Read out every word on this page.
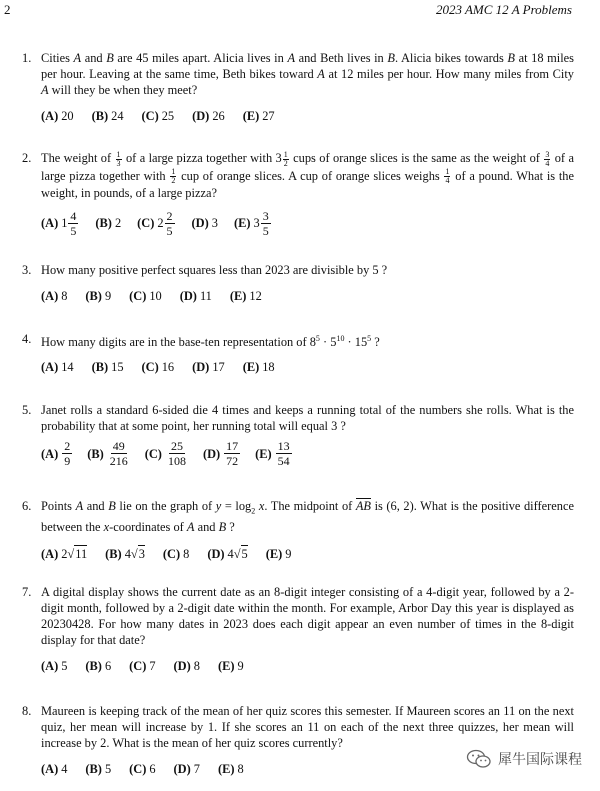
2	2023 AMC 12 A Problems
1. Cities A and B are 45 miles apart. Alicia lives in A and Beth lives in B. Alicia bikes towards B at 18 miles per hour. Leaving at the same time, Beth bikes toward A at 12 miles per hour. How many miles from City A will they be when they meet?
(A) 20 (B) 24 (C) 25 (D) 26 (E) 27
2. The weight of $\frac{1}{3}$ of a large pizza together with $3 \frac{1}{2}$ cups of orange slices is the same as the weight of $\frac{3}{4}$ of a large pizza together with $\frac{1}{2}$ cup of orange slices. A cup of orange slices weighs $\frac{1}{4}$ of a pound. What is the weight, in pounds, of a large pizza?
(A) $1 \frac{4}{5} (B)$ 2 (C) $2 \frac{2}{5} (D)$ 3 (E) $3 \frac{3}{5}$
3. How many positive perfect squares less than 2023 are divisible by 5 ?
(A) 8 (B) 9 (C) 10 (D) 11 (E) 12
4. How many digits are in the base-ten representation of $8^5 \cdot 5^{10} \cdot 15^5$ ?
(A) 14 (B) 15 (C) 16 (D) 17 (E) 18
5. Janet rolls a standard 6-sided die 4 times and keeps a running total of the numbers she rolls. What is the probability that at some point, her running total will equal 3 ?
$(A) \frac{2}{9} (B) \frac{49}{216} (C) \frac{25}{108} (D) \frac{17}{72} (E) \frac{13}{54}$
6. Points A and B lie on the graph of $y = \log_2 x$. The midpoint of AB is (6, 2). What is the positive difference between the x-coordinates of A and B ?
(A) 2 √ 11 (B) 4 √ 3 (C) 8 (D) 4 √ 5 (E) 9
7. A digital display shows the current date as an 8-digit integer consisting of a 4-digit year, followed by a 2-digit month, followed by a 2-digit date within the month. For example, Arbor Day this year is displayed as 20230428. For how many dates in 2023 does each digit appear an even number of times in the 8-digit display for that date?
(A) 5 (B) 6 (C) 7 (D) 8 (E) 9
8. Maureen is keeping track of the mean of her quiz scores this semester. If Maureen scores an 11 on the next quiz, her mean will increase by 1. If she scores an 11 on each of the next three quizzes, her mean will increase by 2. What is the mean of her quiz scores currently?
(A) 4 (B) 5 (C) 6 (D) 7 (E) 8
犀牛国际课程
